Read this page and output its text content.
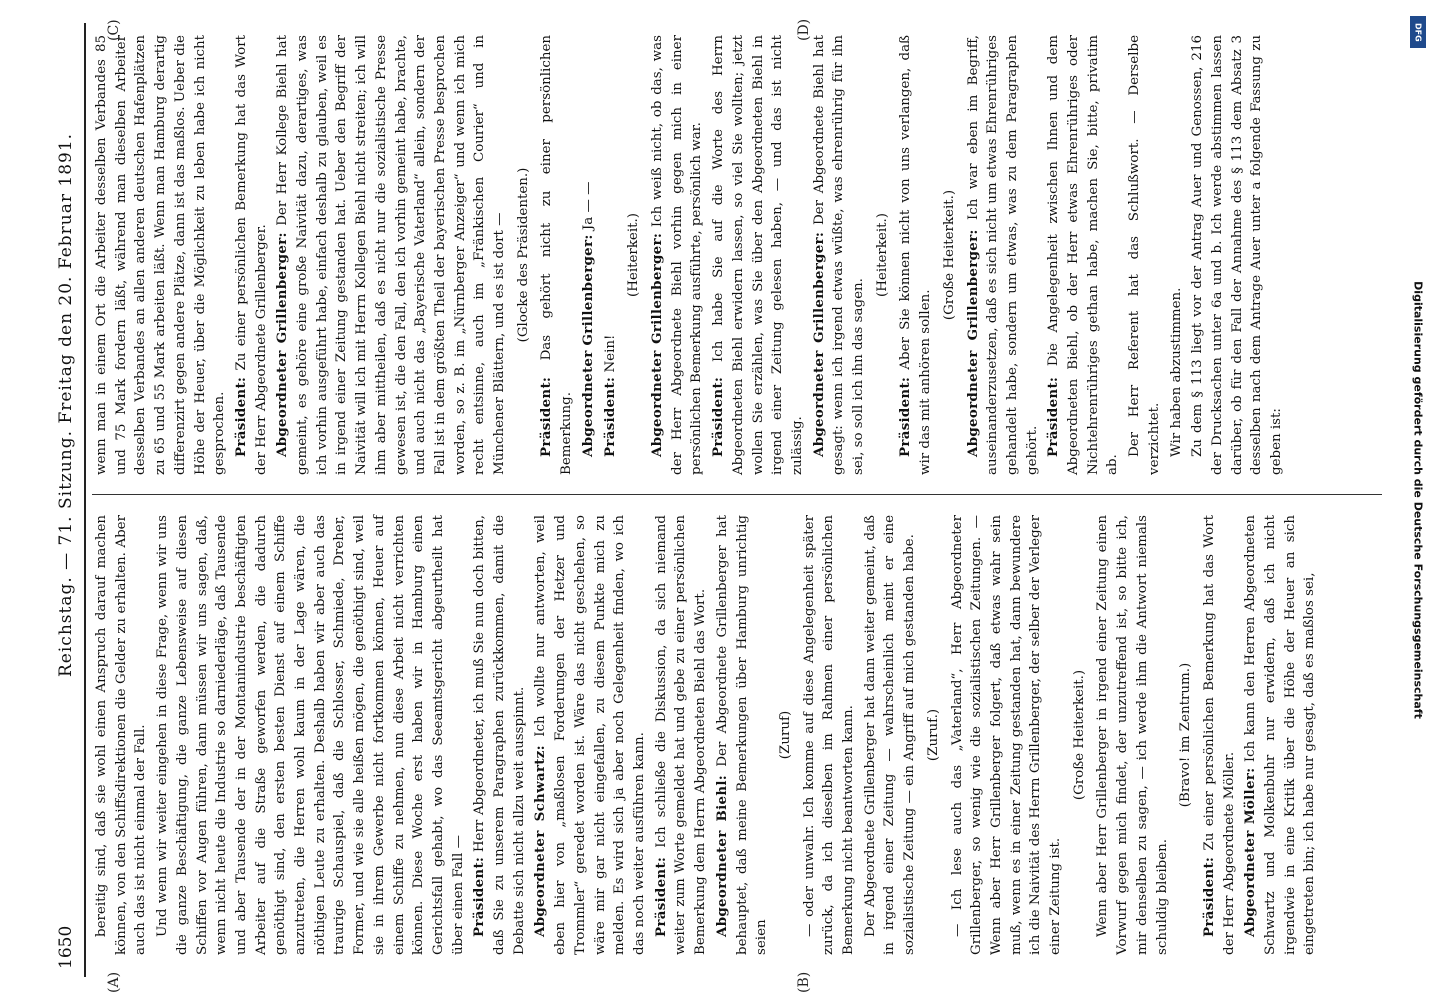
1650
Reichstag. — 71. Sitzung. Freitag den 20. Februar 1891.
(A)	(B)
(C)	(D)

bereitig sind, daß sie wohl einen Anspruch darauf machen können, von den Schiffsdirektionen die Gelder zu erhalten. Aber auch das ist nicht einmal der Fall. Und wenn wir weiter eingehen in diese Frage, wenn wir uns die ganze Beschäftigung, die ganze Lebensweise auf diesen Schiffen vor Augen führen, dann müssen wir uns sagen, daß, wenn nicht heute die Industrie so darniederläge, daß Tausende und aber Tausende der in der Montanindustrie beschäftigten Arbeiter auf die Straße geworfen werden, die dadurch genöthigt sind, den ersten besten Dienst auf einem Schiffe anzutreten, die Herren wohl kaum in der Lage wären, die nöthigen Leute zu erhalten. Deshalb haben wir aber auch das traurige Schauspiel, daß die Schlosser, Schmiede, Dreher, Former, und wie sie alle heißen mögen, die genöthigt sind, weil sie in ihrem Gewerbe nicht fortkommen können, Heuer auf einem Schiffe zu nehmen, nun diese Arbeit nicht verrichten können. Diese Woche erst haben wir in Hamburg einen Gerichtsfall gehabt, wo das Seeamtsgericht abgeurtheilt hat über einen Fall — Präsident: Herr Abgeordneter, ich muß Sie nun doch bitten, daß Sie zu unserem Paragraphen zurückkommen, damit die Debatte sich nicht allzu weit ausspinnt. Abgeordneter Schwartz: Ich wollte nur antworten, weil eben hier von „maßlosen Forderungen der Hetzer und Trommler“ geredet worden ist. Wäre das nicht geschehen, so wäre mir gar nicht eingefallen, zu diesem Punkte mich zu melden. Es wird sich ja aber noch Gelegenheit finden, wo ich das noch weiter ausführen kann. Präsident: Ich schließe die Diskussion, da sich niemand weiter zum Worte gemeldet hat und gebe zu einer persönlichen Bemerkung dem Herrn Abgeordneten Biehl das Wort. Abgeordneter Biehl: Der Abgeordnete Grillenberger hat behauptet, daß meine Bemerkungen über Hamburg unrichtig seien

(Zuruf) — oder unwahr. Ich komme auf diese Angelegenheit später zurück, da ich dieselben im Rahmen einer persönlichen Bemerkung nicht beantworten kann. Der Abgeordnete Grillenberger hat dann weiter gemeint, daß in irgend einer Zeitung — wahrscheinlich meint er eine sozialistische Zeitung — ein Angriff auf mich gestanden habe. (Zuruf.) — Ich lese auch das „Vaterland“, Herr Abgeordneter Grillenberger, so wenig wie die sozialistischen Zeitungen. — Wenn aber Herr Grillenberger folgert, daß etwas wahr sein muß, wenn es in einer Zeitung gestanden hat, dann bewundere ich die Naivität des Herrn Grillenberger, der selber der Verleger einer Zeitung ist.

(Große Heiterkeit.) Wenn aber Herr Grillenberger in irgend einer Zeitung einen Vorwurf gegen mich findet, der unzutreffend ist, so bitte ich, mir denselben zu sagen, — ich werde ihm die Antwort niemals schuldig bleiben.

(Bravo! im Zentrum.)

Präsident: Zu einer persönlichen Bemerkung hat das Wort der Herr Abgeordnete Möller. Abgeordneter Möller: Ich kann den Herren Abgeordneten Schwartz und Molkenbuhr nur erwidern, daß ich nicht irgendwie in eine Kritik über die Höhe der Heuer an sich eingetreten bin; ich habe nur gesagt, daß es maßlos sei,

wenn man in einem Ort die Arbeiter desselben Verbandes 85 und 75 Mark fordern läßt, während man dieselben Arbeiter desselben Verbandes an allen anderen deutschen Hafenplätzen zu 65 und 55 Mark arbeiten läßt. Wenn man Hamburg derartig differenzirt gegen andere Plätze, dann ist das maßlos. Ueber die Höhe der Heuer, über die Möglichkeit zu leben habe ich nicht gesprochen. Präsident: Zu einer persönlichen Bemerkung hat das Wort der Herr Abgeordnete Grillenberger. Abgeordneter Grillenberger: Der Herr Kollege Biehl hat gemeint, es gehöre eine große Naivität dazu, derartiges, was ich vorhin ausgeführt habe, einfach deshalb zu glauben, weil es in irgend einer Zeitung gestanden hat. Ueber den Begriff der Naivität will ich mit Herrn Kollegen Biehl nicht streiten; ich will ihm aber mittheilen, daß es nicht nur die sozialistische Presse gewesen ist, die den Fall, den ich vorhin gemeint habe, brachte, und auch nicht das „Bayerische Vaterland“ allein, sondern der Fall ist in dem größten Theil der bayerischen Presse besprochen worden, so z. B. im „Nürnberger Anzeiger“ und wenn ich mich recht entsinne, auch im „Fränkischen Courier“ und in Münchener Blättern, und es ist dort — (Glocke des Präsidenten.)

Präsident: Das gehört nicht zu einer persönlichen Bemerkung. Abgeordneter Grillenberger: Ja — —

Präsident: Nein!

(Heiterkeit.) Abgeordneter Grillenberger: Ich weiß nicht, ob das, was der Herr Abgeordnete Biehl vorhin gegen mich in einer persönlichen Bemerkung ausführte, persönlich war. Präsident: Ich habe Sie auf die Worte des Herrn Abgeordneten Biehl erwidern lassen, so viel Sie wollten; jetzt wollen Sie erzählen, was Sie über den Abgeordneten Biehl in irgend einer Zeitung gelesen haben, — und das ist nicht zulässig. Abgeordneter Grillenberger: Der Abgeordnete Biehl hat gesagt: wenn ich irgend etwas wüßte, was ehrenrührig für ihn sei, so soll ich ihn das sagen.

(Heiterkeit.)

Präsident: Aber Sie können nicht von uns verlangen, daß wir das mit anhören sollen.

(Große Heiterkeit.) Abgeordneter Grillenberger: Ich war eben im Begriff, auseinanderzusetzen, daß es sich nicht um etwas Ehrenrühriges gehandelt habe, sondern um etwas, was zu dem Paragraphen gehört. Präsident: Die Angelegenheit zwischen Ihnen und dem Abgeordneten Biehl, ob der Herr etwas Ehrenrühriges oder Nichtehrenrühriges gethan habe, machen Sie, bitte, privatim ab.

Der Herr Referent hat das Schlußwort. — Derselbe verzichtet. Wir haben abzustimmen. Zu dem § 113 liegt vor der Antrag Auer und Genossen, 216 der Drucksachen unter 6a und b. Ich werde abstimmen lassen darüber, ob für den Fall der Annahme des § 113 dem Absatz 3 desselben nach dem Antrage Auer unter a folgende Fassung zu geben ist:

DFG
Digitalisierung gefördert durch die Deutsche Forschungsgemeinschaft
